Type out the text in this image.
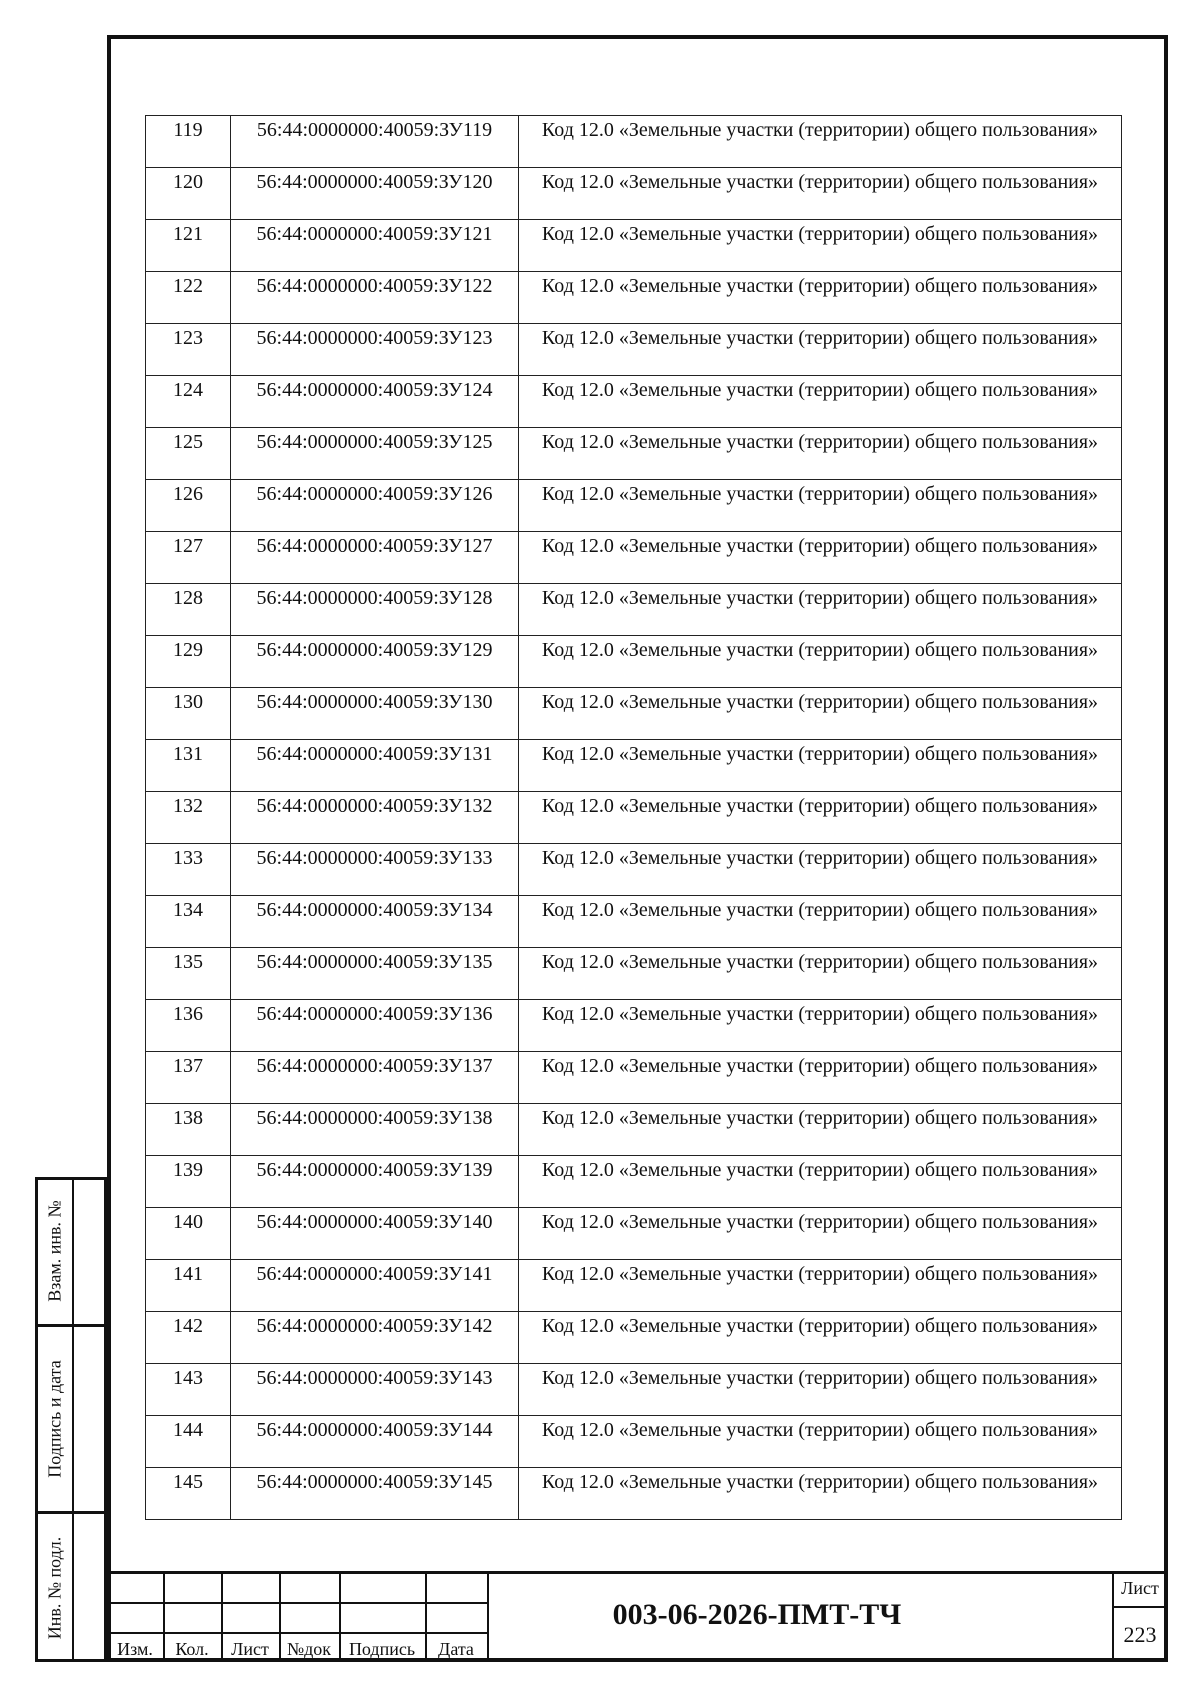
119	56:44:0000000:40059:ЗУ119	Код 12.0 «Земельные участки (территории) общего пользования»
120	56:44:0000000:40059:ЗУ120	Код 12.0 «Земельные участки (территории) общего пользования»
121	56:44:0000000:40059:ЗУ121	Код 12.0 «Земельные участки (территории) общего пользования»
122	56:44:0000000:40059:ЗУ122	Код 12.0 «Земельные участки (территории) общего пользования»
123	56:44:0000000:40059:ЗУ123	Код 12.0 «Земельные участки (территории) общего пользования»
124	56:44:0000000:40059:ЗУ124	Код 12.0 «Земельные участки (территории) общего пользования»
125	56:44:0000000:40059:ЗУ125	Код 12.0 «Земельные участки (территории) общего пользования»
126	56:44:0000000:40059:ЗУ126	Код 12.0 «Земельные участки (территории) общего пользования»
127	56:44:0000000:40059:ЗУ127	Код 12.0 «Земельные участки (территории) общего пользования»
128	56:44:0000000:40059:ЗУ128	Код 12.0 «Земельные участки (территории) общего пользования»
129	56:44:0000000:40059:ЗУ129	Код 12.0 «Земельные участки (территории) общего пользования»
130	56:44:0000000:40059:ЗУ130	Код 12.0 «Земельные участки (территории) общего пользования»
131	56:44:0000000:40059:ЗУ131	Код 12.0 «Земельные участки (территории) общего пользования»
132	56:44:0000000:40059:ЗУ132	Код 12.0 «Земельные участки (территории) общего пользования»
133	56:44:0000000:40059:ЗУ133	Код 12.0 «Земельные участки (территории) общего пользования»
134	56:44:0000000:40059:ЗУ134	Код 12.0 «Земельные участки (территории) общего пользования»
135	56:44:0000000:40059:ЗУ135	Код 12.0 «Земельные участки (территории) общего пользования»
136	56:44:0000000:40059:ЗУ136	Код 12.0 «Земельные участки (территории) общего пользования»
137	56:44:0000000:40059:ЗУ137	Код 12.0 «Земельные участки (территории) общего пользования»
138	56:44:0000000:40059:ЗУ138	Код 12.0 «Земельные участки (территории) общего пользования»
139	56:44:0000000:40059:ЗУ139	Код 12.0 «Земельные участки (территории) общего пользования»
140	56:44:0000000:40059:ЗУ140	Код 12.0 «Земельные участки (территории) общего пользования»
141	56:44:0000000:40059:ЗУ141	Код 12.0 «Земельные участки (территории) общего пользования»
142	56:44:0000000:40059:ЗУ142	Код 12.0 «Земельные участки (территории) общего пользования»
143	56:44:0000000:40059:ЗУ143	Код 12.0 «Земельные участки (территории) общего пользования»
144	56:44:0000000:40059:ЗУ144	Код 12.0 «Земельные участки (территории) общего пользования»
145	56:44:0000000:40059:ЗУ145	Код 12.0 «Земельные участки (территории) общего пользования»
Взам. инв. №
Подпись и дата
Инв. № подл.
Изм.	Кол.	Лист	№док Подпись	Дата
003-06-2026-ПМТ-ТЧ
Лист
223
